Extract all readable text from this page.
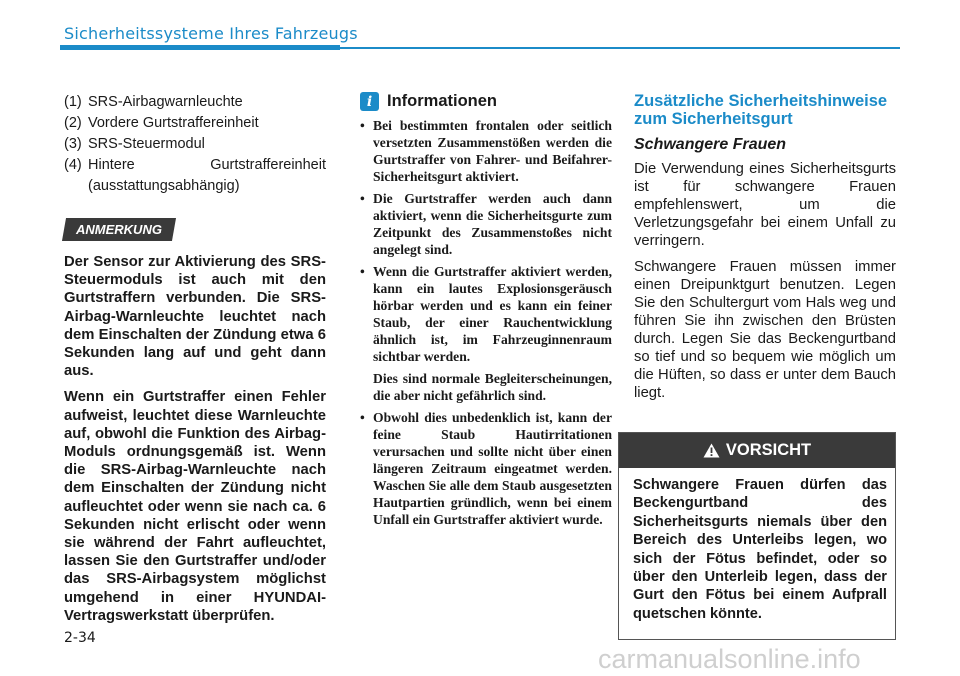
Sicherheitssysteme Ihres Fahrzeugs
(1) SRS-Airbagwarnleuchte
(2) Vordere Gurtstraffereinheit
(3) SRS-Steuermodul
(4) Hintere Gurtstraffereinheit (ausstattungsabhängig)
ANMERKUNG

Der Sensor zur Aktivierung des SRS-Steuermoduls ist auch mit den Gurtstraffern verbunden. Die SRS-Airbag-Warnleuchte leuchtet nach dem Einschalten der Zündung etwa 6 Sekunden lang auf und geht dann aus.

Wenn ein Gurtstraffer einen Fehler aufweist, leuchtet diese Warnleuchte auf, obwohl die Funktion des Airbag-Moduls ordnungsgemäß ist. Wenn die SRS-Airbag-Warnleuchte nach dem Einschalten der Zündung nicht aufleuchtet oder wenn sie nach ca. 6 Sekunden nicht erlischt oder wenn sie während der Fahrt aufleuchtet, lassen Sie den Gurtstraffer und/oder das SRS-Airbagsystem möglichst umgehend in einer HYUNDAI-Vertragswerkstatt überprüfen.

i Informationen
• Bei bestimmten frontalen oder seitlich versetzten Zusammenstößen werden die Gurtstraffer von Fahrer- und Beifahrer-Sicherheitsgurt aktiviert.

• Die Gurtstraffer werden auch dann aktiviert, wenn die Sicherheitsgurte zum Zeitpunkt des Zusammenstoßes nicht angelegt sind.

• Wenn die Gurtstraffer aktiviert werden, kann ein lautes Explosionsgeräusch hörbar werden und es kann ein feiner Staub, der einer Rauchentwicklung ähnlich ist, im Fahrzeuginnenraum sichtbar werden.

Dies sind normale Begleiterscheinungen, die aber nicht gefährlich sind.

• Obwohl dies unbedenklich ist, kann der feine Staub Hautirritationen verursachen und sollte nicht über einen längeren Zeitraum eingeatmet werden. Waschen Sie alle dem Staub ausgesetzten Hautpartien gründlich, wenn bei einem Unfall ein Gurtstraffer aktiviert wurde.

Zusätzliche Sicherheitshinweise zum Sicherheitsgurt
Schwangere Frauen

Die Verwendung eines Sicherheitsgurts ist für schwangere Frauen empfehlenswert, um die Verletzungsgefahr bei einem Unfall zu verringern.

Schwangere Frauen müssen immer einen Dreipunktgurt benutzen. Legen Sie den Schultergurt vom Hals weg und führen Sie ihn zwischen den Brüsten durch. Legen Sie das Beckengurtband so tief und so bequem wie möglich um die Hüften, so dass er unter dem Bauch liegt.

VORSICHT

Schwangere Frauen dürfen das Beckengurtband des Sicherheitsgurts niemals über den Bereich des Unterleibs legen, wo sich der Fötus befindet, oder so über den Unterleib legen, dass der Gurt den Fötus bei einem Aufprall quetschen könnte.

2-34
carmanualsonline.info
